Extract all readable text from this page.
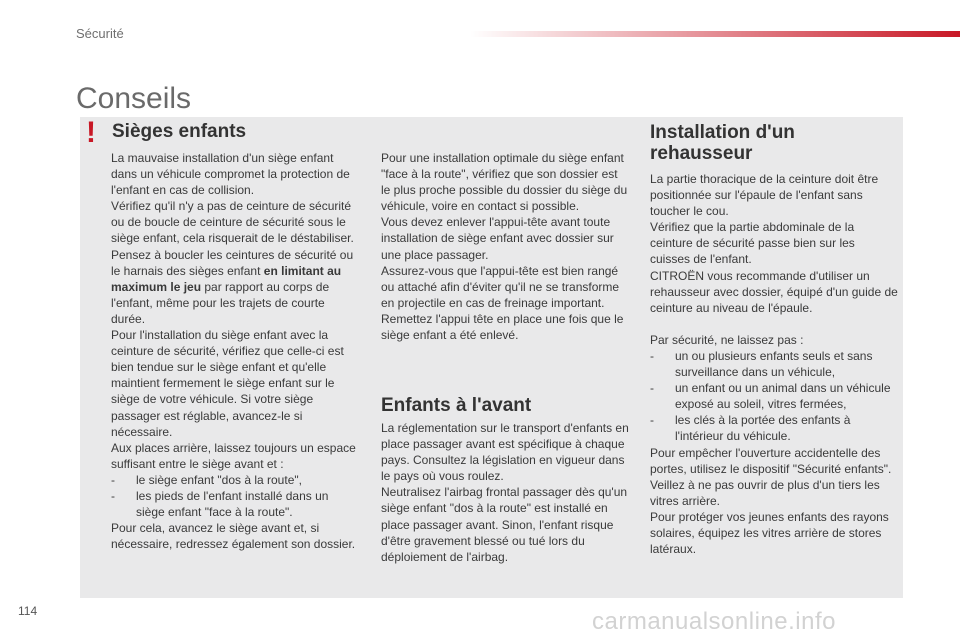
Sécurité
Conseils
! Sièges enfants

La mauvaise installation d'un siège enfant dans un véhicule compromet la protection de l'enfant en cas de collision.

Vérifiez qu'il n'y a pas de ceinture de sécurité ou de boucle de ceinture de sécurité sous le siège enfant, cela risquerait de le déstabiliser.

Pensez à boucler les ceintures de sécurité ou le harnais des sièges enfant en limitant au maximum le jeu par rapport au corps de l'enfant, même pour les trajets de courte durée.

Pour l'installation du siège enfant avec la ceinture de sécurité, vérifiez que celle-ci est bien tendue sur le siège enfant et qu'elle maintient fermement le siège enfant sur le siège de votre véhicule. Si votre siège passager est réglable, avancez-le si nécessaire.

Aux places arrière, laissez toujours un espace suffisant entre le siège avant et :

-	le siège enfant "dos à la route",
-	les pieds de l'enfant installé dans un siège enfant "face à la route".

Pour cela, avancez le siège avant et, si nécessaire, redressez également son dossier.

Pour une installation optimale du siège enfant "face à la route", vérifiez que son dossier est le plus proche possible du dossier du siège du véhicule, voire en contact si possible.

Vous devez enlever l'appui-tête avant toute installation de siège enfant avec dossier sur une place passager.

Assurez-vous que l'appui-tête est bien rangé ou attaché afin d'éviter qu'il ne se transforme en projectile en cas de freinage important. Remettez l'appui tête en place une fois que le siège enfant a été enlevé.

Enfants à l'avant

La réglementation sur le transport d'enfants en place passager avant est spécifique à chaque pays. Consultez la législation en vigueur dans le pays où vous roulez.

Neutralisez l'airbag frontal passager dès qu'un siège enfant "dos à la route" est installé en place passager avant. Sinon, l'enfant risque d'être gravement blessé ou tué lors du déploiement de l'airbag.

Installation d'un rehausseur

La partie thoracique de la ceinture doit être positionnée sur l'épaule de l'enfant sans toucher le cou.

Vérifiez que la partie abdominale de la ceinture de sécurité passe bien sur les cuisses de l'enfant.

CITROËN vous recommande d'utiliser un rehausseur avec dossier, équipé d'un guide de ceinture au niveau de l'épaule.

Par sécurité, ne laissez pas :

-	un ou plusieurs enfants seuls et sans surveillance dans un véhicule,
-	un enfant ou un animal dans un véhicule exposé au soleil, vitres fermées,
-	les clés à la portée des enfants à l'intérieur du véhicule.

Pour empêcher l'ouverture accidentelle des portes, utilisez le dispositif "Sécurité enfants".

Veillez à ne pas ouvrir de plus d'un tiers les vitres arrière.

Pour protéger vos jeunes enfants des rayons solaires, équipez les vitres arrière de stores latéraux.

114	carmanualsonline.info
